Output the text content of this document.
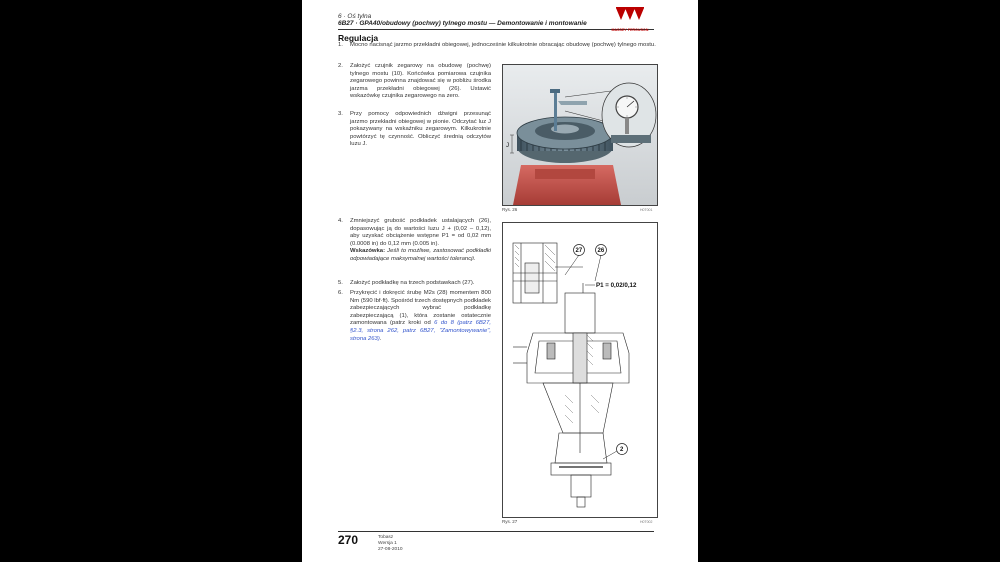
6 · Oś tylna
6B27 · GPA40/obudowy (pochwy) tylnego mostu — Demontowanie i montowanie
MASSEY FERGUSON
Regulacja
1. Mocno nacisnąć jarzmo przekładni obiegowej, jednocześnie kilkukrotnie obracając obudowę (pochwę) tylnego mostu.
2. Założyć czujnik zegarowy na obudowę (pochwę) tylnego mostu (10). Końcówka pomiarowa czujnika zegarowego powinna znajdować się w pobliżu środka jarzma przekładni obiegowej (26). Ustawić wskazówkę czujnika zegarowego na zero.
3. Przy pomocy odpowiednich dźwigni przesunąć jarzmo przekładni obiegowej w pionie. Odczytać luz J pokazywany na wskaźniku zegarowym. Kilkukrotnie powtórzyć tę czynność. Obliczyć średnią odczytów luzu J.
4. Zmniejszyć grubość podkładek ustalających (26), dopasowując ją do wartości luzu J + (0,02 – 0,12), aby uzyskać obciążenie wstępne P1 = od 0,02 mm (0.0008 in) do 0,12 mm (0.005 in).
Wskazówka: Jeśli to możliwe, zastosować podkładki odpowiadające maksymalnej wartości tolerancji.
5. Założyć podkładkę na trzech podstawkach (27).
6. Przykręcić i dokręcić śrubę M2s (28) momentem 800 Nm (590 lbf·ft). Spośród trzech dostępnych podkładek zabezpieczających wybrać podkładkę zabezpieczającą (1), która zostanie ostatecznie zamontowana (patrz kroki od 6 do 8 (patrz 6B27, §2.3, strona 262, patrz 6B27, "Zamontowywanie", strona 263).
J
Rys. 26	H0T001
27	26
2
P1 = 0,02/0,12
Rys. 27	H0T002
270	Tobasz
Wersja 1
27-08-2010
